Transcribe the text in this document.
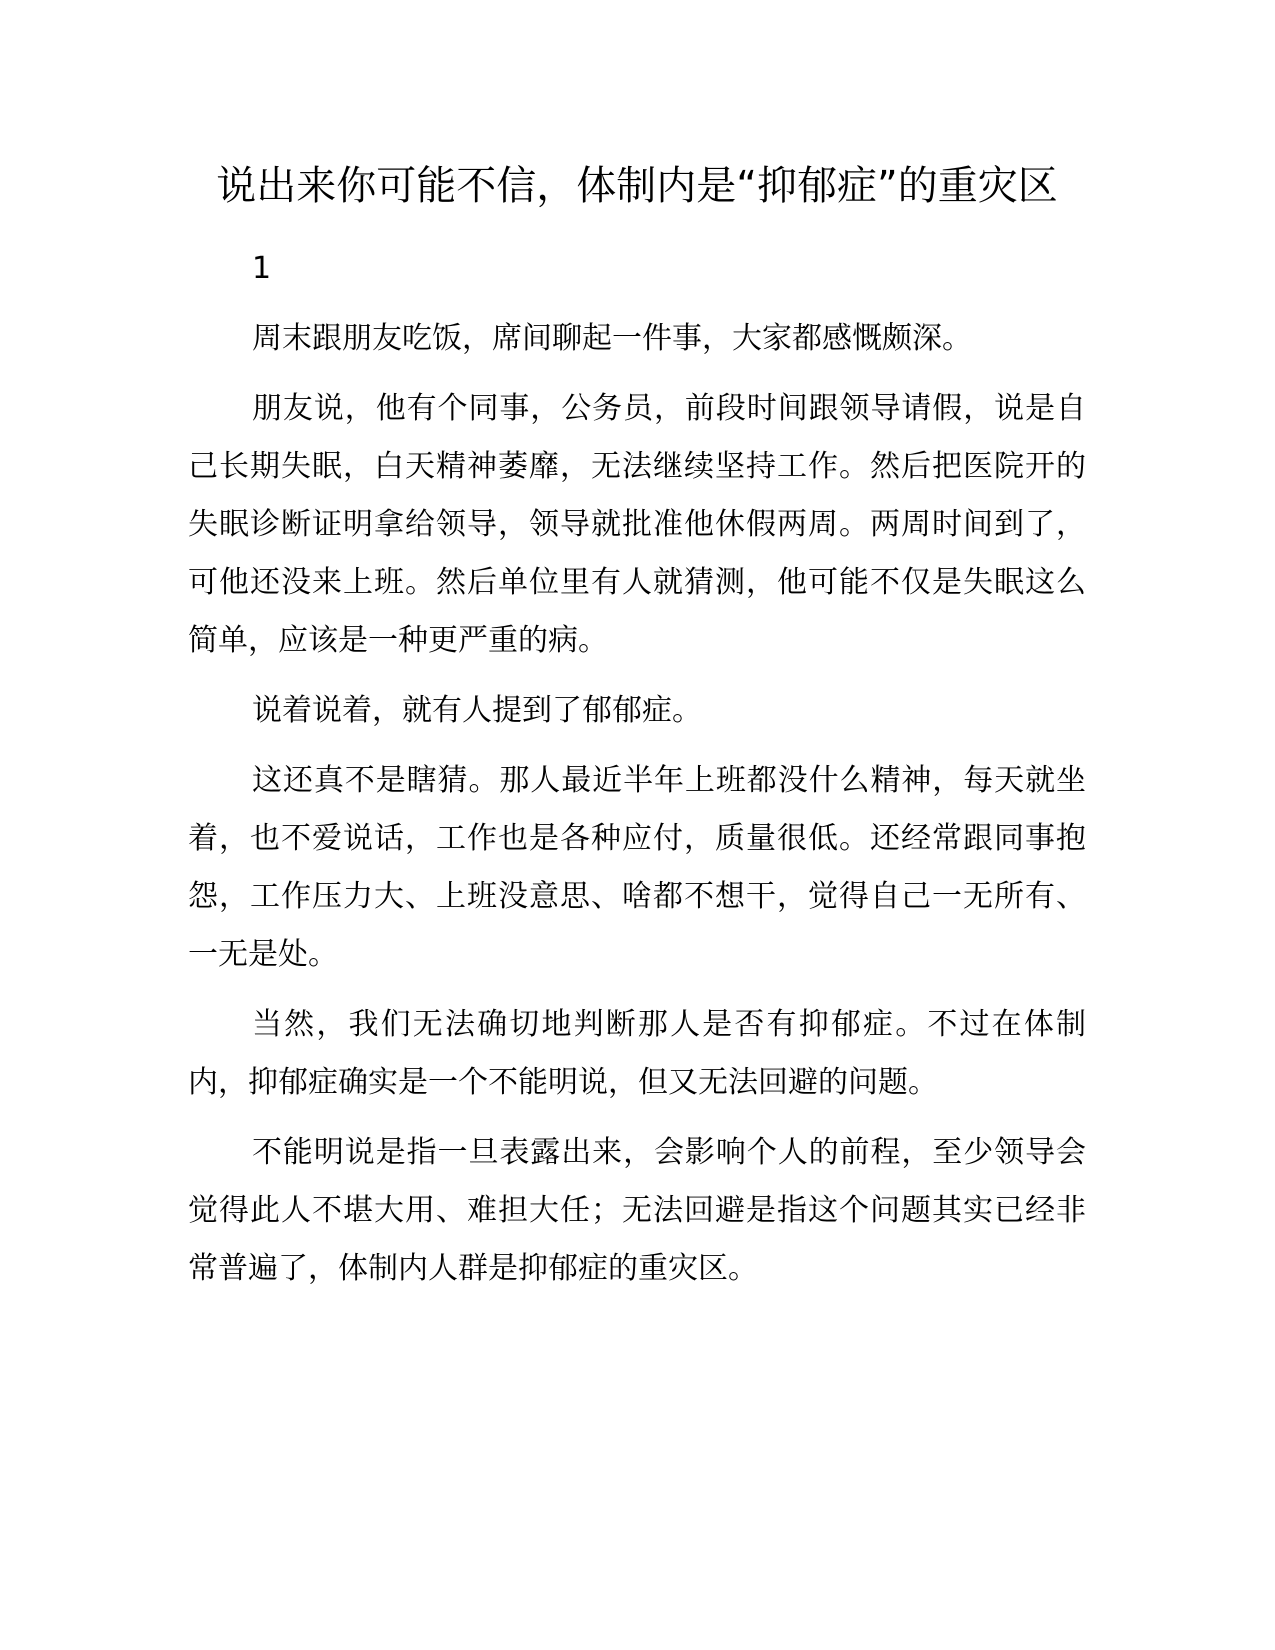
说出来你可能不信，体制内是“抑郁症”的重灾区

1

周末跟朋友吃饭，席间聊起一件事，大家都感慨颇深。

朋友说，他有个同事，公务员，前段时间跟领导请假，说是自己长期失眠，白天精神萎靡，无法继续坚持工作。然后把医院开的失眠诊断证明拿给领导，领导就批准他休假两周。两周时间到了，可他还没来上班。然后单位里有人就猜测，他可能不仅是失眠这么简单，应该是一种更严重的病。

说着说着，就有人提到了郁郁症。

这还真不是瞎猜。那人最近半年上班都没什么精神，每天就坐着，也不爱说话，工作也是各种应付，质量很低。还经常跟同事抱怨，工作压力大、上班没意思、啥都不想干，觉得自己一无所有、一无是处。

当然，我们无法确切地判断那人是否有抑郁症。不过在体制内，抑郁症确实是一个不能明说，但又无法回避的问题。

不能明说是指一旦表露出来，会影响个人的前程，至少领导会觉得此人不堪大用、难担大任；无法回避是指这个问题其实已经非常普遍了，体制内人群是抑郁症的重灾区。
